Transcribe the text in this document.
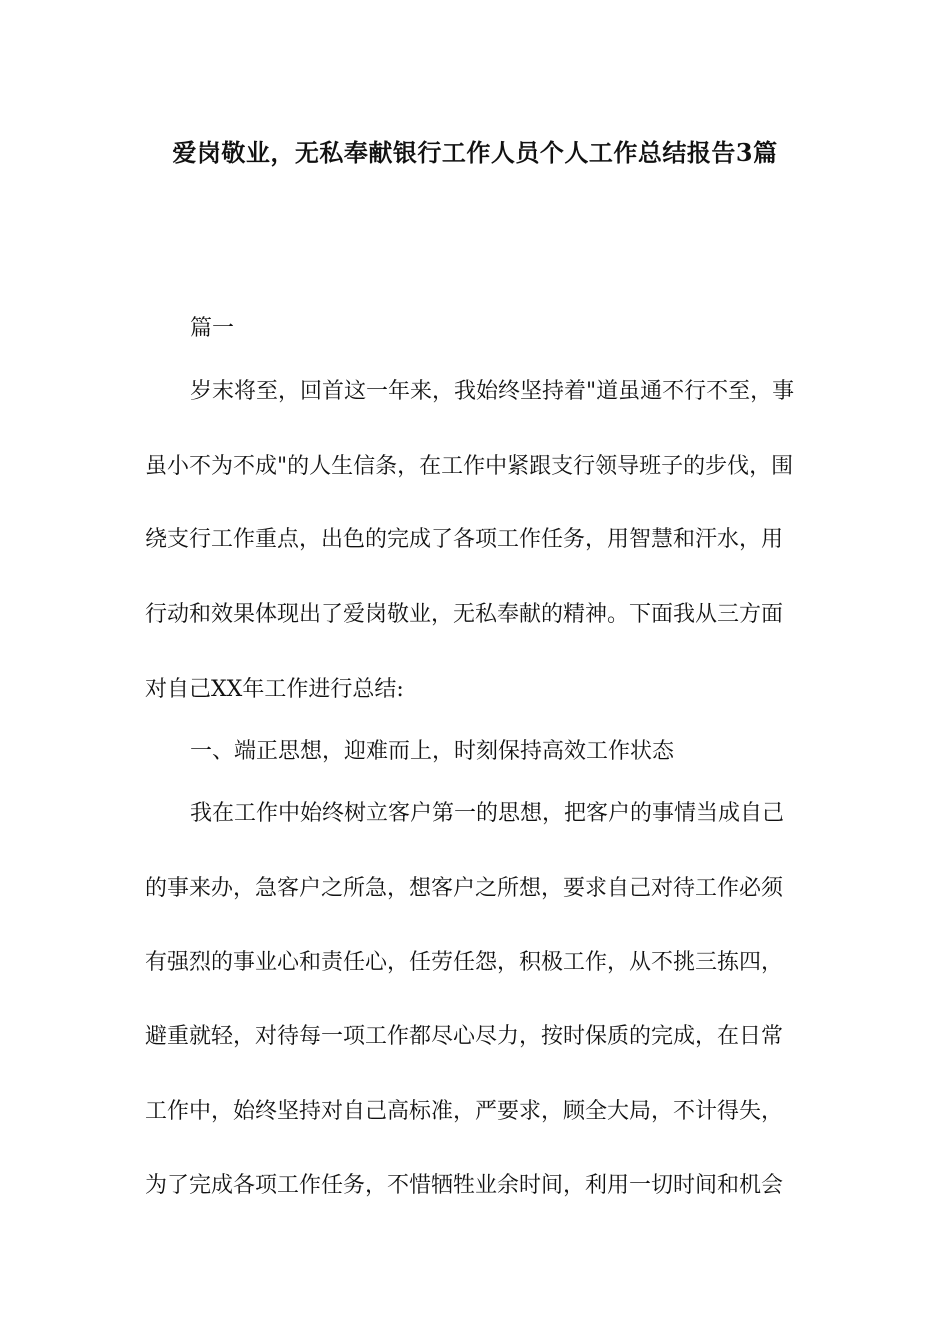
爱岗敬业，无私奉献银行工作人员个人工作总结报告3篇
篇一
岁末将至，回首这一年来，我始终坚持着"道虽通不行不至，事
虽小不为不成"的人生信条，在工作中紧跟支行领导班子的步伐，围
绕支行工作重点，出色的完成了各项工作任务，用智慧和汗水，用
行动和效果体现出了爱岗敬业，无私奉献的精神。下面我从三方面
对自己XX年工作进行总结:
一、端正思想，迎难而上，时刻保持高效工作状态
我在工作中始终树立客户第一的思想，把客户的事情当成自己
的事来办，急客户之所急，想客户之所想，要求自己对待工作必须
有强烈的事业心和责任心，任劳任怨，积极工作，从不挑三拣四，
避重就轻，对待每一项工作都尽心尽力，按时保质的完成，在日常
工作中，始终坚持对自己高标准，严要求，顾全大局，不计得失，
为了完成各项工作任务，不惜牺牲业余时间，利用一切时间和机会
